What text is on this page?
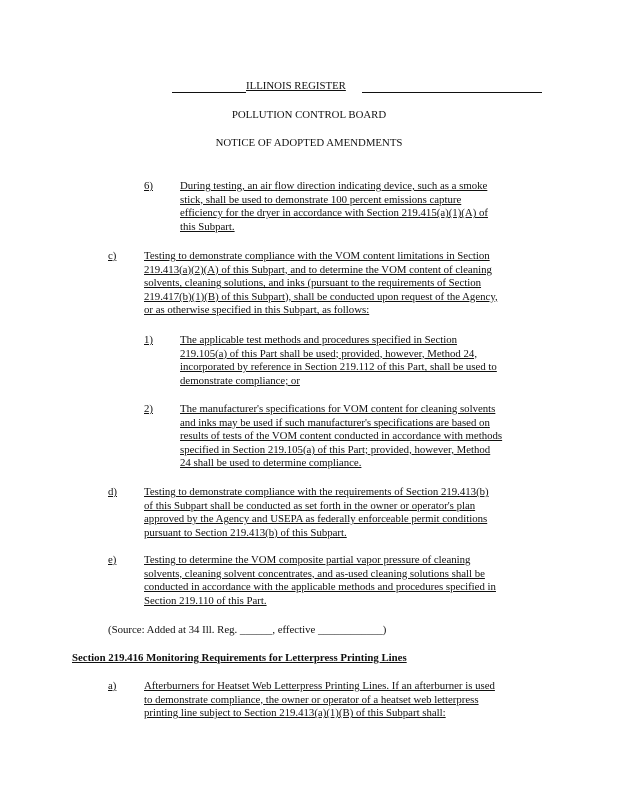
ILLINOIS REGISTER
POLLUTION CONTROL BOARD
NOTICE OF ADOPTED AMENDMENTS
6)	During testing, an air flow direction indicating device, such as a smoke
stick, shall be used to demonstrate 100 percent emissions capture
efficiency for the dryer in accordance with Section 219.415(a)(1)(A) of
this Subpart.
c)	Testing to demonstrate compliance with the VOM content limitations in Section
219.413(a)(2)(A) of this Subpart, and to determine the VOM content of cleaning
solvents, cleaning solutions, and inks (pursuant to the requirements of Section
219.417(b)(1)(B) of this Subpart), shall be conducted upon request of the Agency,
or as otherwise specified in this Subpart, as follows:
1)	The applicable test methods and procedures specified in Section
219.105(a) of this Part shall be used; provided, however, Method 24,
incorporated by reference in Section 219.112 of this Part, shall be used to
demonstrate compliance; or
2)	The manufacturer's specifications for VOM content for cleaning solvents
and inks may be used if such manufacturer's specifications are based on
results of tests of the VOM content conducted in accordance with methods
specified in Section 219.105(a) of this Part; provided, however, Method
24 shall be used to determine compliance.
d)	Testing to demonstrate compliance with the requirements of Section 219.413(b)
of this Subpart shall be conducted as set forth in the owner or operator's plan
approved by the Agency and USEPA as federally enforceable permit conditions
pursuant to Section 219.413(b) of this Subpart.
e)	Testing to determine the VOM composite partial vapor pressure of cleaning
solvents, cleaning solvent concentrates, and as-used cleaning solutions shall be
conducted in accordance with the applicable methods and procedures specified in
Section 219.110 of this Part.
(Source: Added at 34 Ill. Reg. ______, effective ____________)
Section 219.416 Monitoring Requirements for Letterpress Printing Lines
a)	Afterburners for Heatset Web Letterpress Printing Lines. If an afterburner is used
to demonstrate compliance, the owner or operator of a heatset web letterpress
printing line subject to Section 219.413(a)(1)(B) of this Subpart shall:
